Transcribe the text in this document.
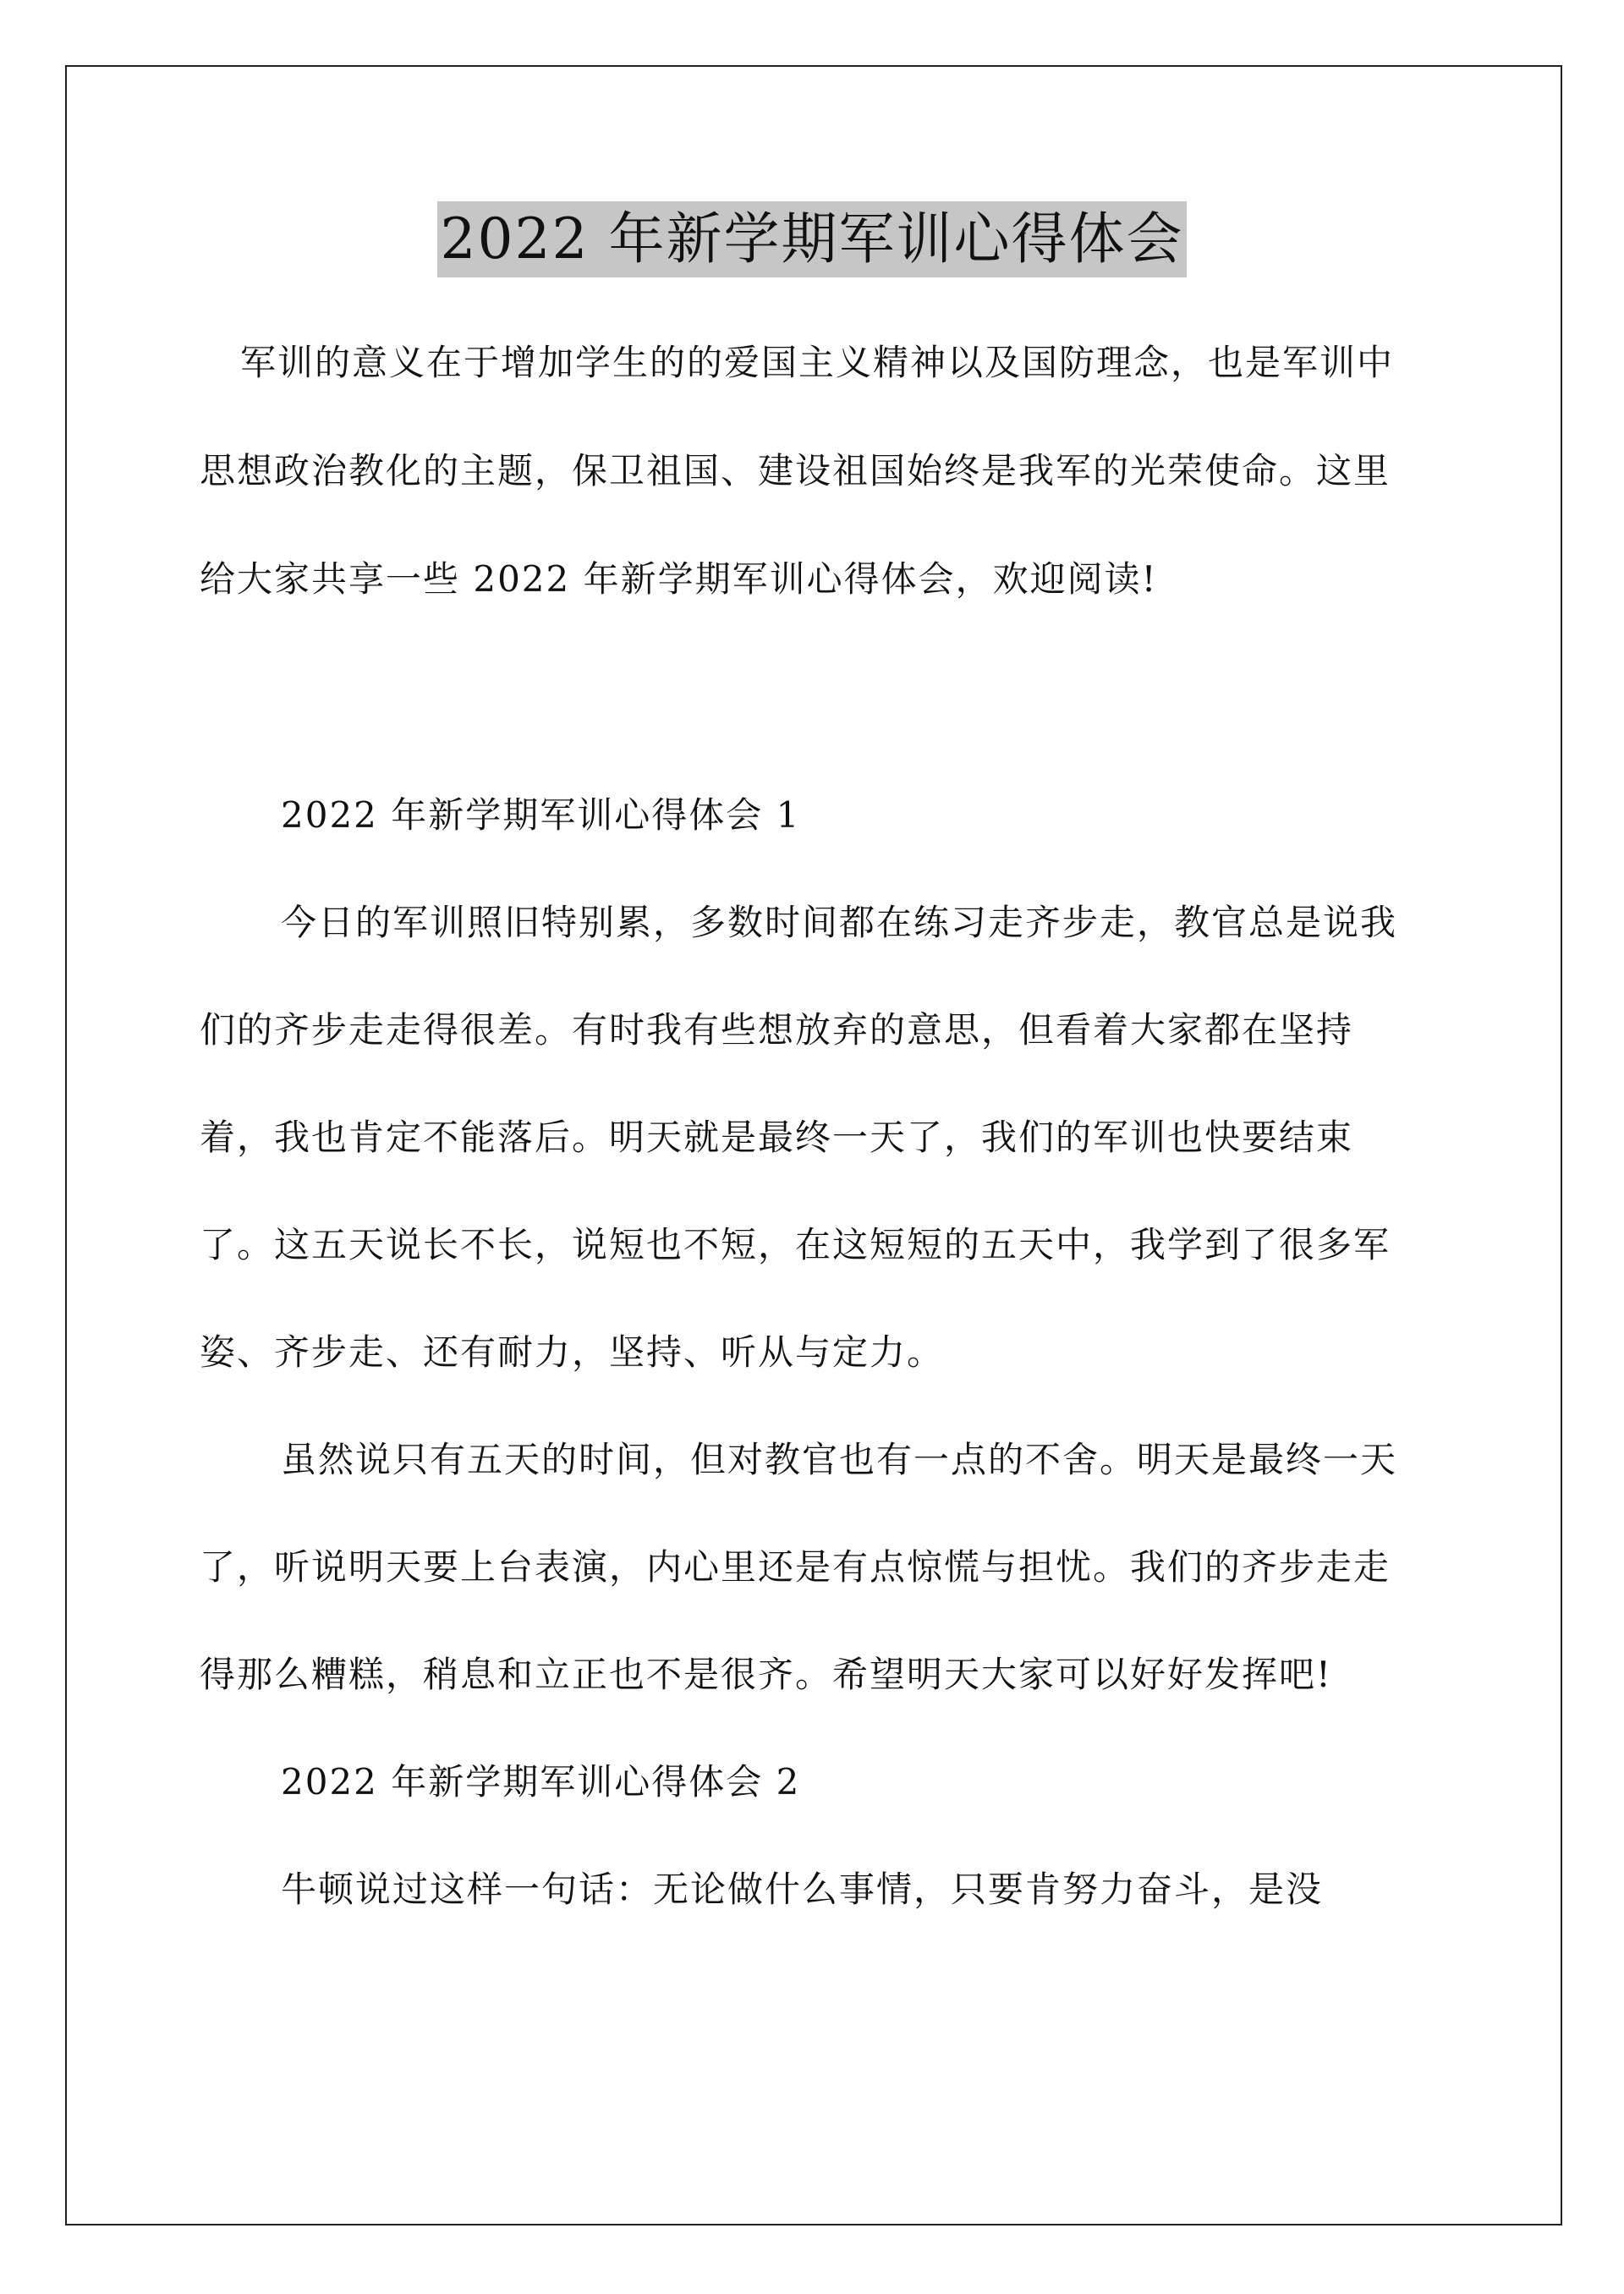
2022 年新学期军训心得体会

军训的意义在于增加学生的的爱国主义精神以及国防理念，也是军训中思想政治教化的主题，保卫祖国、建设祖国始终是我军的光荣使命。这里给大家共享一些 2022 年新学期军训心得体会，欢迎阅读!

2022 年新学期军训心得体会 1

今日的军训照旧特别累，多数时间都在练习走齐步走，教官总是说我们的齐步走走得很差。有时我有些想放弃的意思，但看着大家都在坚持着，我也肯定不能落后。明天就是最终一天了，我们的军训也快要结束了。这五天说长不长，说短也不短，在这短短的五天中，我学到了很多军姿、齐步走、还有耐力，坚持、听从与定力。

虽然说只有五天的时间，但对教官也有一点的不舍。明天是最终一天了，听说明天要上台表演，内心里还是有点惊慌与担忧。我们的齐步走走得那么糟糕，稍息和立正也不是很齐。希望明天大家可以好好发挥吧!

2022 年新学期军训心得体会 2

牛顿说过这样一句话：无论做什么事情，只要肯努力奋斗，是没
